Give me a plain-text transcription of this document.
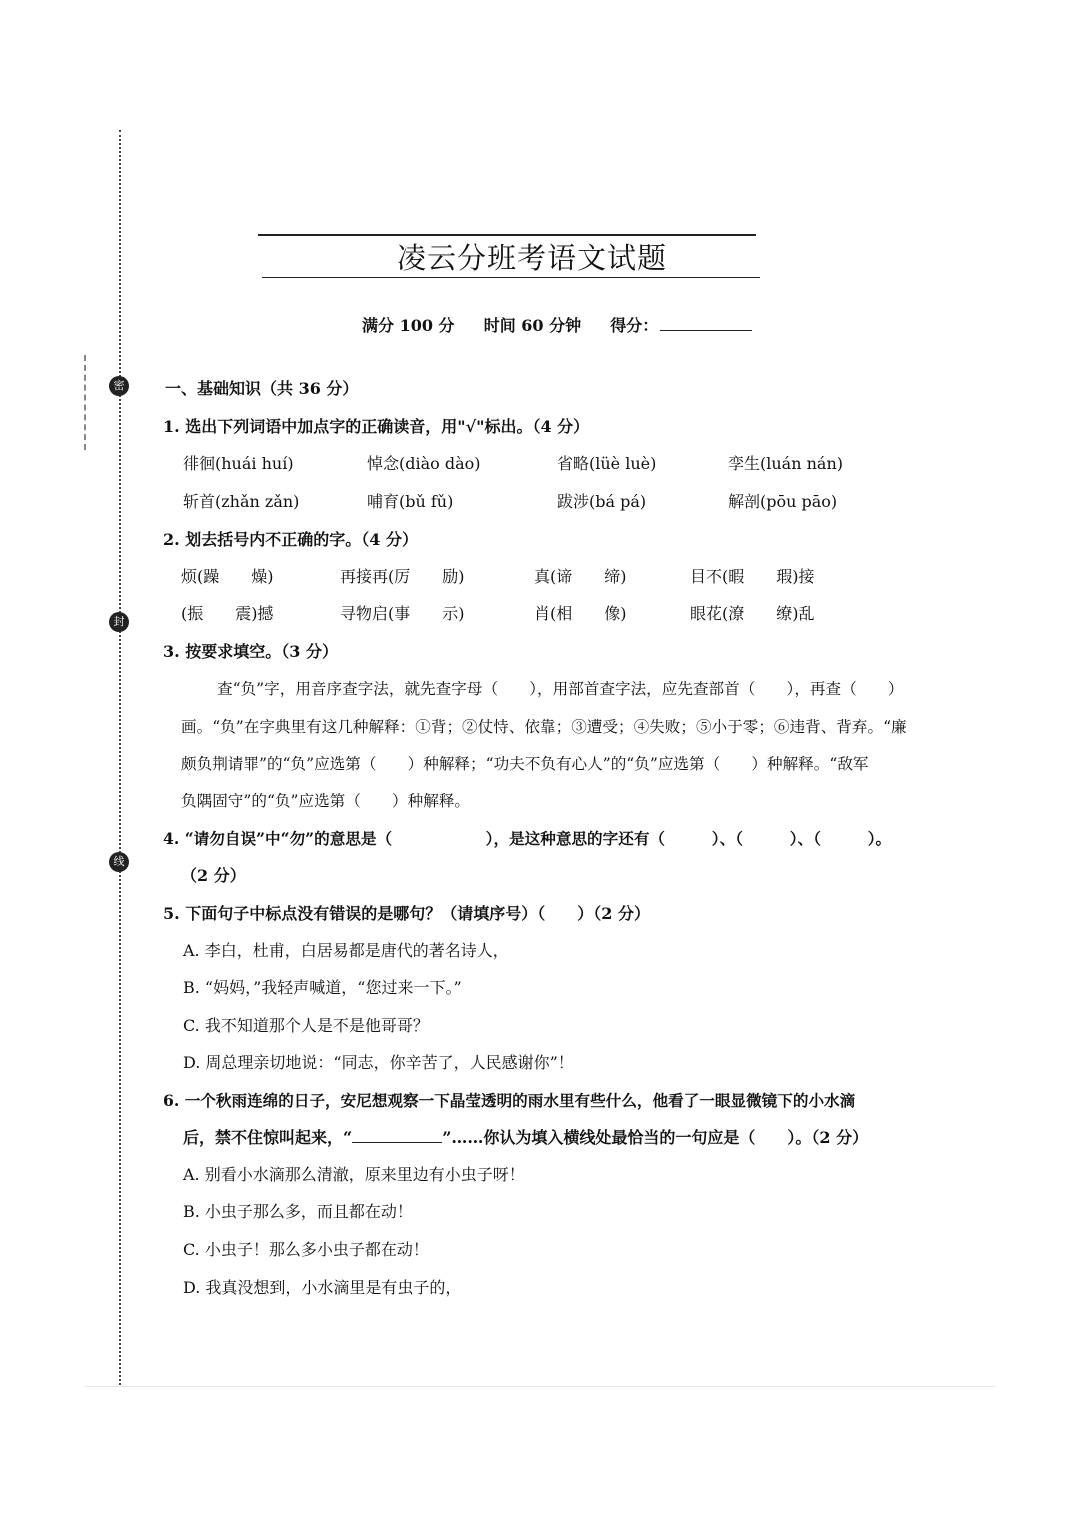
密
封
线
凌云分班考语文试题
满分 100 分 时间 60 分钟 得分：
一、基础知识（共 36 分）
1. 选出下列词语中加点字的正确读音，用"√"标出。（4 分）
徘徊(huái huí)	悼念(diào dào)	省略(lüè luè)	孪生(luán nán)
斩首(zhǎn zǎn)	哺育(bǔ fǔ)	跋涉(bá pá)	解剖(pōu pāo)
2. 划去括号内不正确的字。（4 分）
烦(躁　　燥)	再接再(厉　　励)	真(谛　　缔)	目不(暇　　瑕)接
(振　　震)撼	寻物启(事　　示)	肖(相　　像)	眼花(潦　　缭)乱
3. 按要求填空。（3 分）
查“负”字，用音序查字法，就先查字母（　　），用部首查字法，应先查部首（　　），再查（　　）
画。“负”在字典里有这几种解释：①背；②仗恃、依靠；③遭受；④失败；⑤小于零；⑥违背、背弃。“廉
颇负荆请罪”的“负”应选第（　　）种解释；“功夫不负有心人”的“负”应选第（　　）种解释。“敌军
负隅固守”的“负”应选第（　　）种解释。
4. “请勿自误”中“勿”的意思是（　　　　　　），是这种意思的字还有（　　　）、（　　　）、（　　　）。
（2 分）
5. 下面句子中标点没有错误的是哪句？（请填序号）（　　）（2 分）
A. 李白，杜甫，白居易都是唐代的著名诗人，
B. “妈妈，”我轻声喊道，“您过来一下。”
C. 我不知道那个人是不是他哥哥？
D. 周总理亲切地说：“同志，你辛苦了，人民感谢你”！
6. 一个秋雨连绵的日子，安尼想观察一下晶莹透明的雨水里有些什么，他看了一眼显微镜下的小水滴
后，禁不住惊叫起来，“	”……你认为填入横线处最恰当的一句应是（　　）。（2 分）
A. 别看小水滴那么清澈，原来里边有小虫子呀！
B. 小虫子那么多，而且都在动！
C. 小虫子！那么多小虫子都在动！
D. 我真没想到，小水滴里是有虫子的，
